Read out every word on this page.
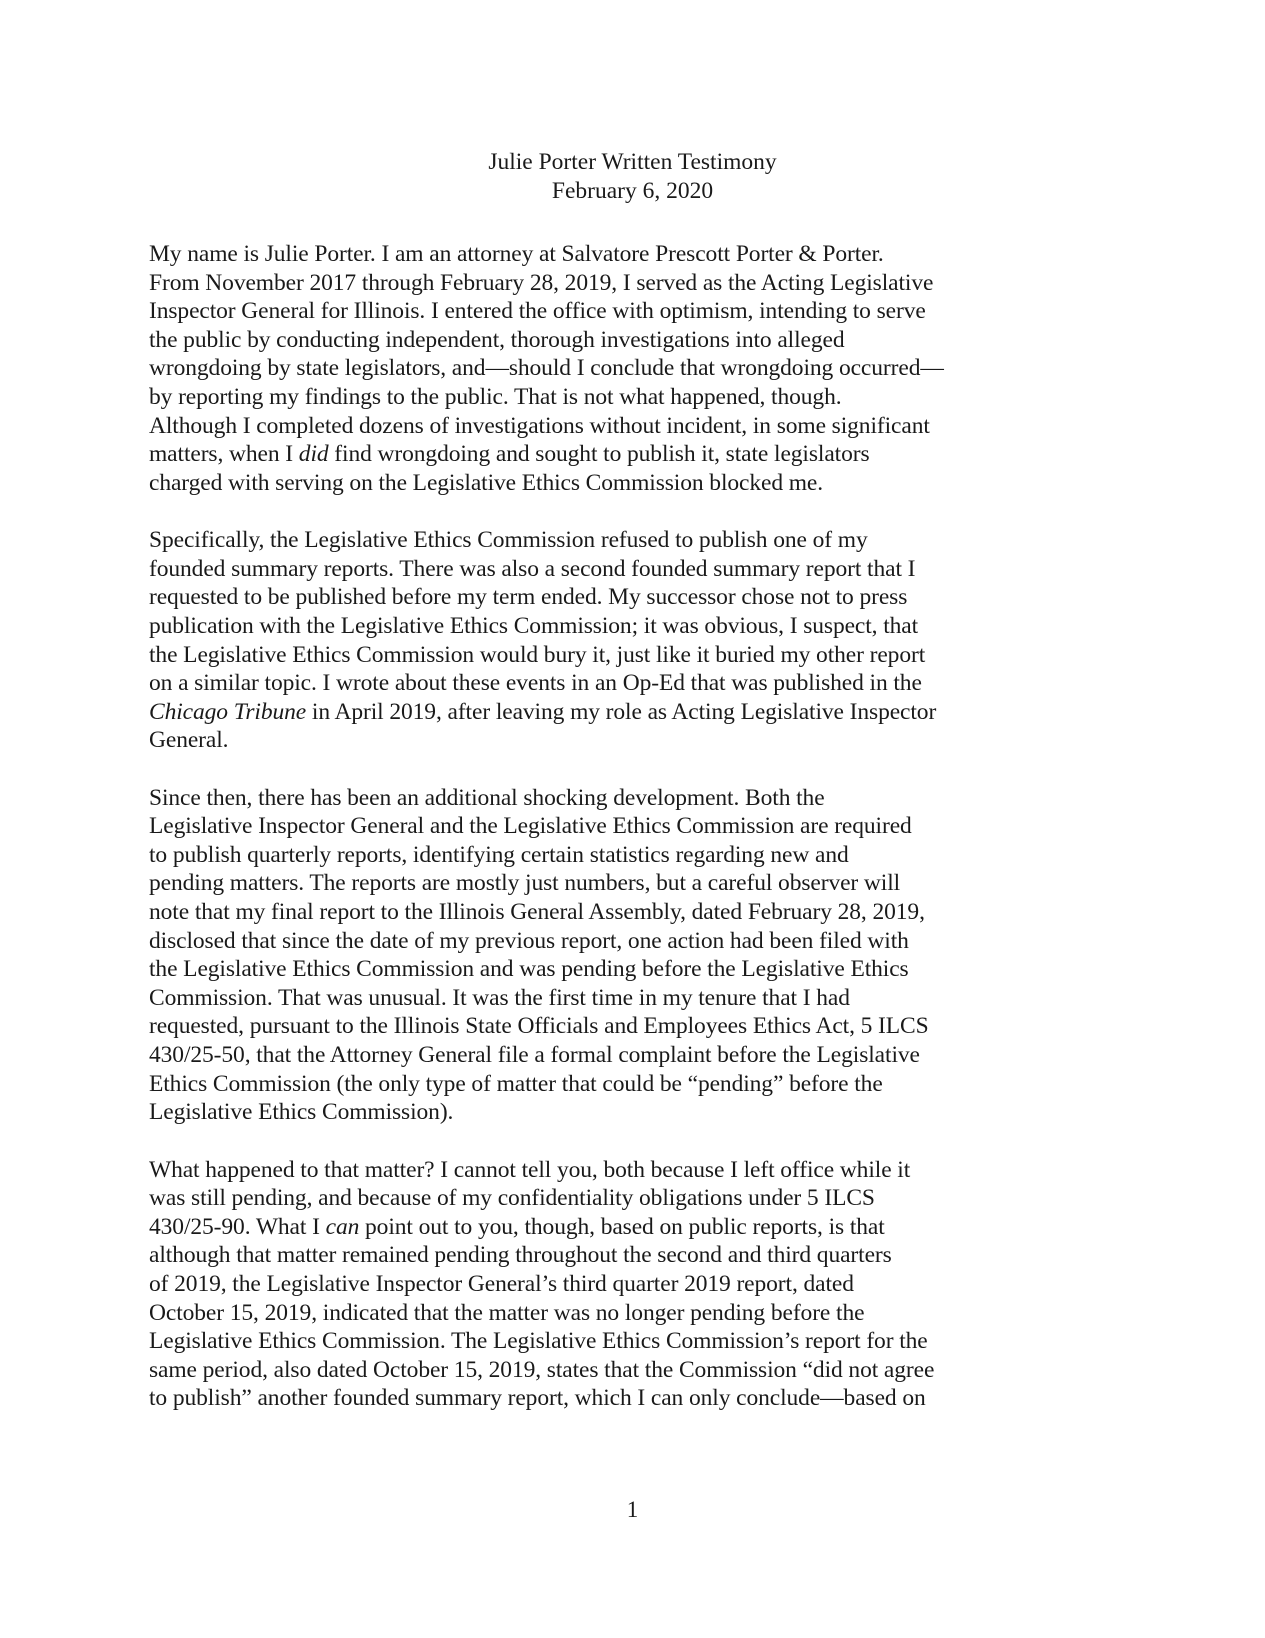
Julie Porter Written Testimony
February 6, 2020
My name is Julie Porter. I am an attorney at Salvatore Prescott Porter & Porter.
From November 2017 through February 28, 2019, I served as the Acting Legislative
Inspector General for Illinois. I entered the office with optimism, intending to serve
the public by conducting independent, thorough investigations into alleged
wrongdoing by state legislators, and—should I conclude that wrongdoing occurred—
by reporting my findings to the public. That is not what happened, though.
Although I completed dozens of investigations without incident, in some significant
matters, when I did find wrongdoing and sought to publish it, state legislators
charged with serving on the Legislative Ethics Commission blocked me.
Specifically, the Legislative Ethics Commission refused to publish one of my
founded summary reports. There was also a second founded summary report that I
requested to be published before my term ended. My successor chose not to press
publication with the Legislative Ethics Commission; it was obvious, I suspect, that
the Legislative Ethics Commission would bury it, just like it buried my other report
on a similar topic. I wrote about these events in an Op-Ed that was published in the
Chicago Tribune in April 2019, after leaving my role as Acting Legislative Inspector
General.
Since then, there has been an additional shocking development. Both the
Legislative Inspector General and the Legislative Ethics Commission are required
to publish quarterly reports, identifying certain statistics regarding new and
pending matters. The reports are mostly just numbers, but a careful observer will
note that my final report to the Illinois General Assembly, dated February 28, 2019,
disclosed that since the date of my previous report, one action had been filed with
the Legislative Ethics Commission and was pending before the Legislative Ethics
Commission. That was unusual. It was the first time in my tenure that I had
requested, pursuant to the Illinois State Officials and Employees Ethics Act, 5 ILCS
430/25-50, that the Attorney General file a formal complaint before the Legislative
Ethics Commission (the only type of matter that could be “pending” before the
Legislative Ethics Commission).
What happened to that matter? I cannot tell you, both because I left office while it
was still pending, and because of my confidentiality obligations under 5 ILCS
430/25-90. What I can point out to you, though, based on public reports, is that
although that matter remained pending throughout the second and third quarters
of 2019, the Legislative Inspector General’s third quarter 2019 report, dated
October 15, 2019, indicated that the matter was no longer pending before the
Legislative Ethics Commission. The Legislative Ethics Commission’s report for the
same period, also dated October 15, 2019, states that the Commission “did not agree
to publish” another founded summary report, which I can only conclude—based on
1
